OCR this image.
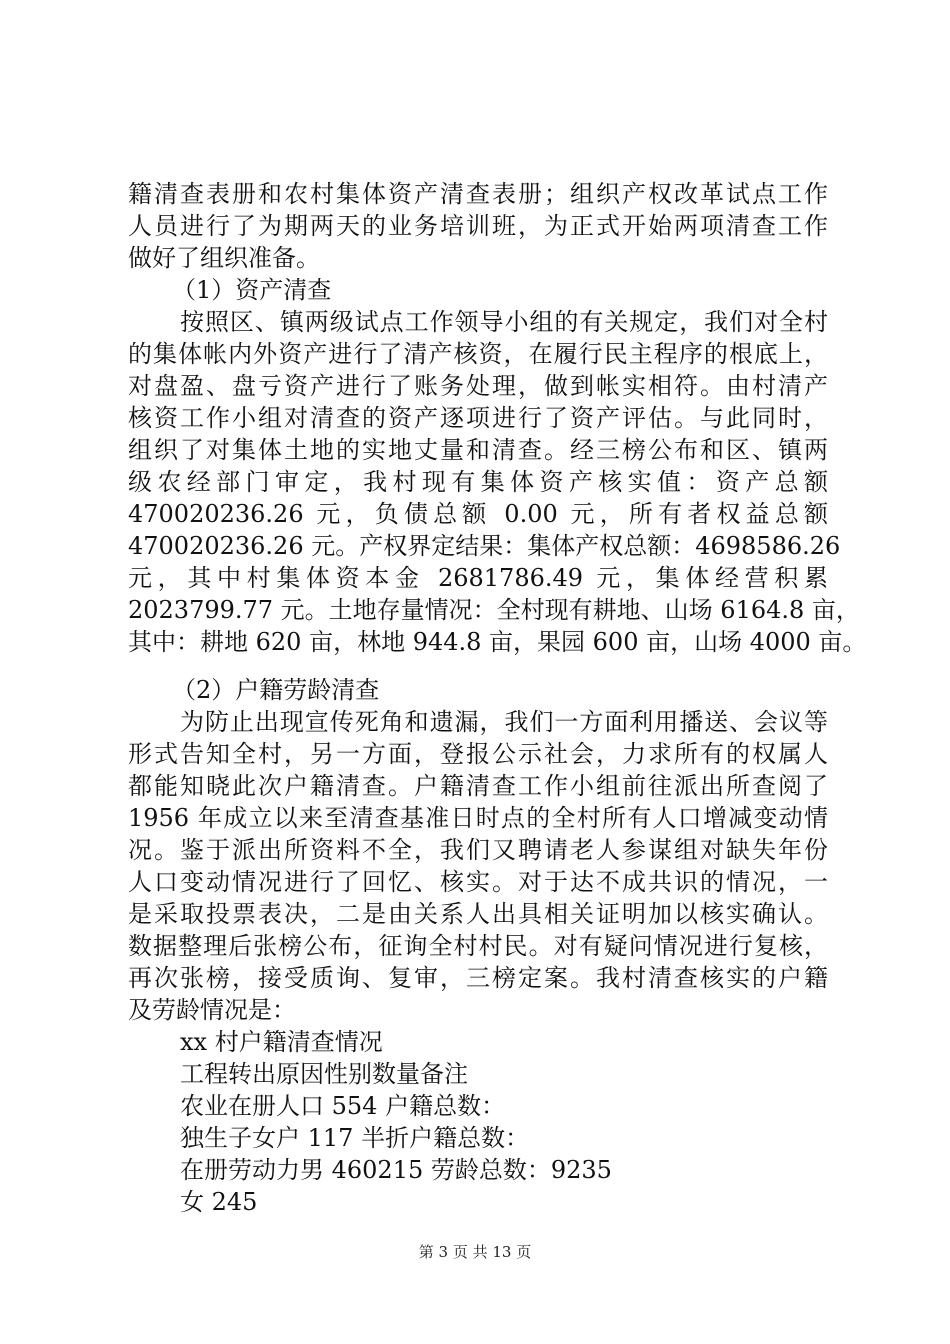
籍清查表册和农村集体资产清查表册；组织产权改革试点工作
人员进行了为期两天的业务培训班，为正式开始两项清查工作
做好了组织准备。
（1）资产清查
按照区、镇两级试点工作领导小组的有关规定，我们对全村
的集体帐内外资产进行了清产核资，在履行民主程序的根底上，
对盘盈、盘亏资产进行了账务处理，做到帐实相符。由村清产
核资工作小组对清查的资产逐项进行了资产评估。与此同时，
组织了对集体土地的实地丈量和清查。经三榜公布和区、镇两
级农经部门审定，我村现有集体资产核实值：资产总额
470020236.26 元，负债总额 0.00 元，所有者权益总额
470020236.26 元。产权界定结果：集体产权总额：4698586.26
元，其中村集体资本金 2681786.49 元，集体经营积累
2023799.77 元。土地存量情况：全村现有耕地、山场 6164.8 亩，
其中：耕地 620 亩，林地 944.8 亩，果园 600 亩，山场 4000 亩。
（2）户籍劳龄清查
为防止出现宣传死角和遗漏，我们一方面利用播送、会议等
形式告知全村，另一方面，登报公示社会，力求所有的权属人
都能知晓此次户籍清查。户籍清查工作小组前往派出所查阅了
1956 年成立以来至清查基准日时点的全村所有人口增减变动情
况。鉴于派出所资料不全，我们又聘请老人参谋组对缺失年份
人口变动情况进行了回忆、核实。对于达不成共识的情况，一
是采取投票表决，二是由关系人出具相关证明加以核实确认。
数据整理后张榜公布，征询全村村民。对有疑问情况进行复核，
再次张榜，接受质询、复审，三榜定案。我村清查核实的户籍
及劳龄情况是：
xx 村户籍清查情况
工程转出原因性别数量备注
农业在册人口 554 户籍总数：
独生子女户 117 半折户籍总数：
在册劳动力男 460215 劳龄总数：9235
女 245
第 3 页 共 13 页
